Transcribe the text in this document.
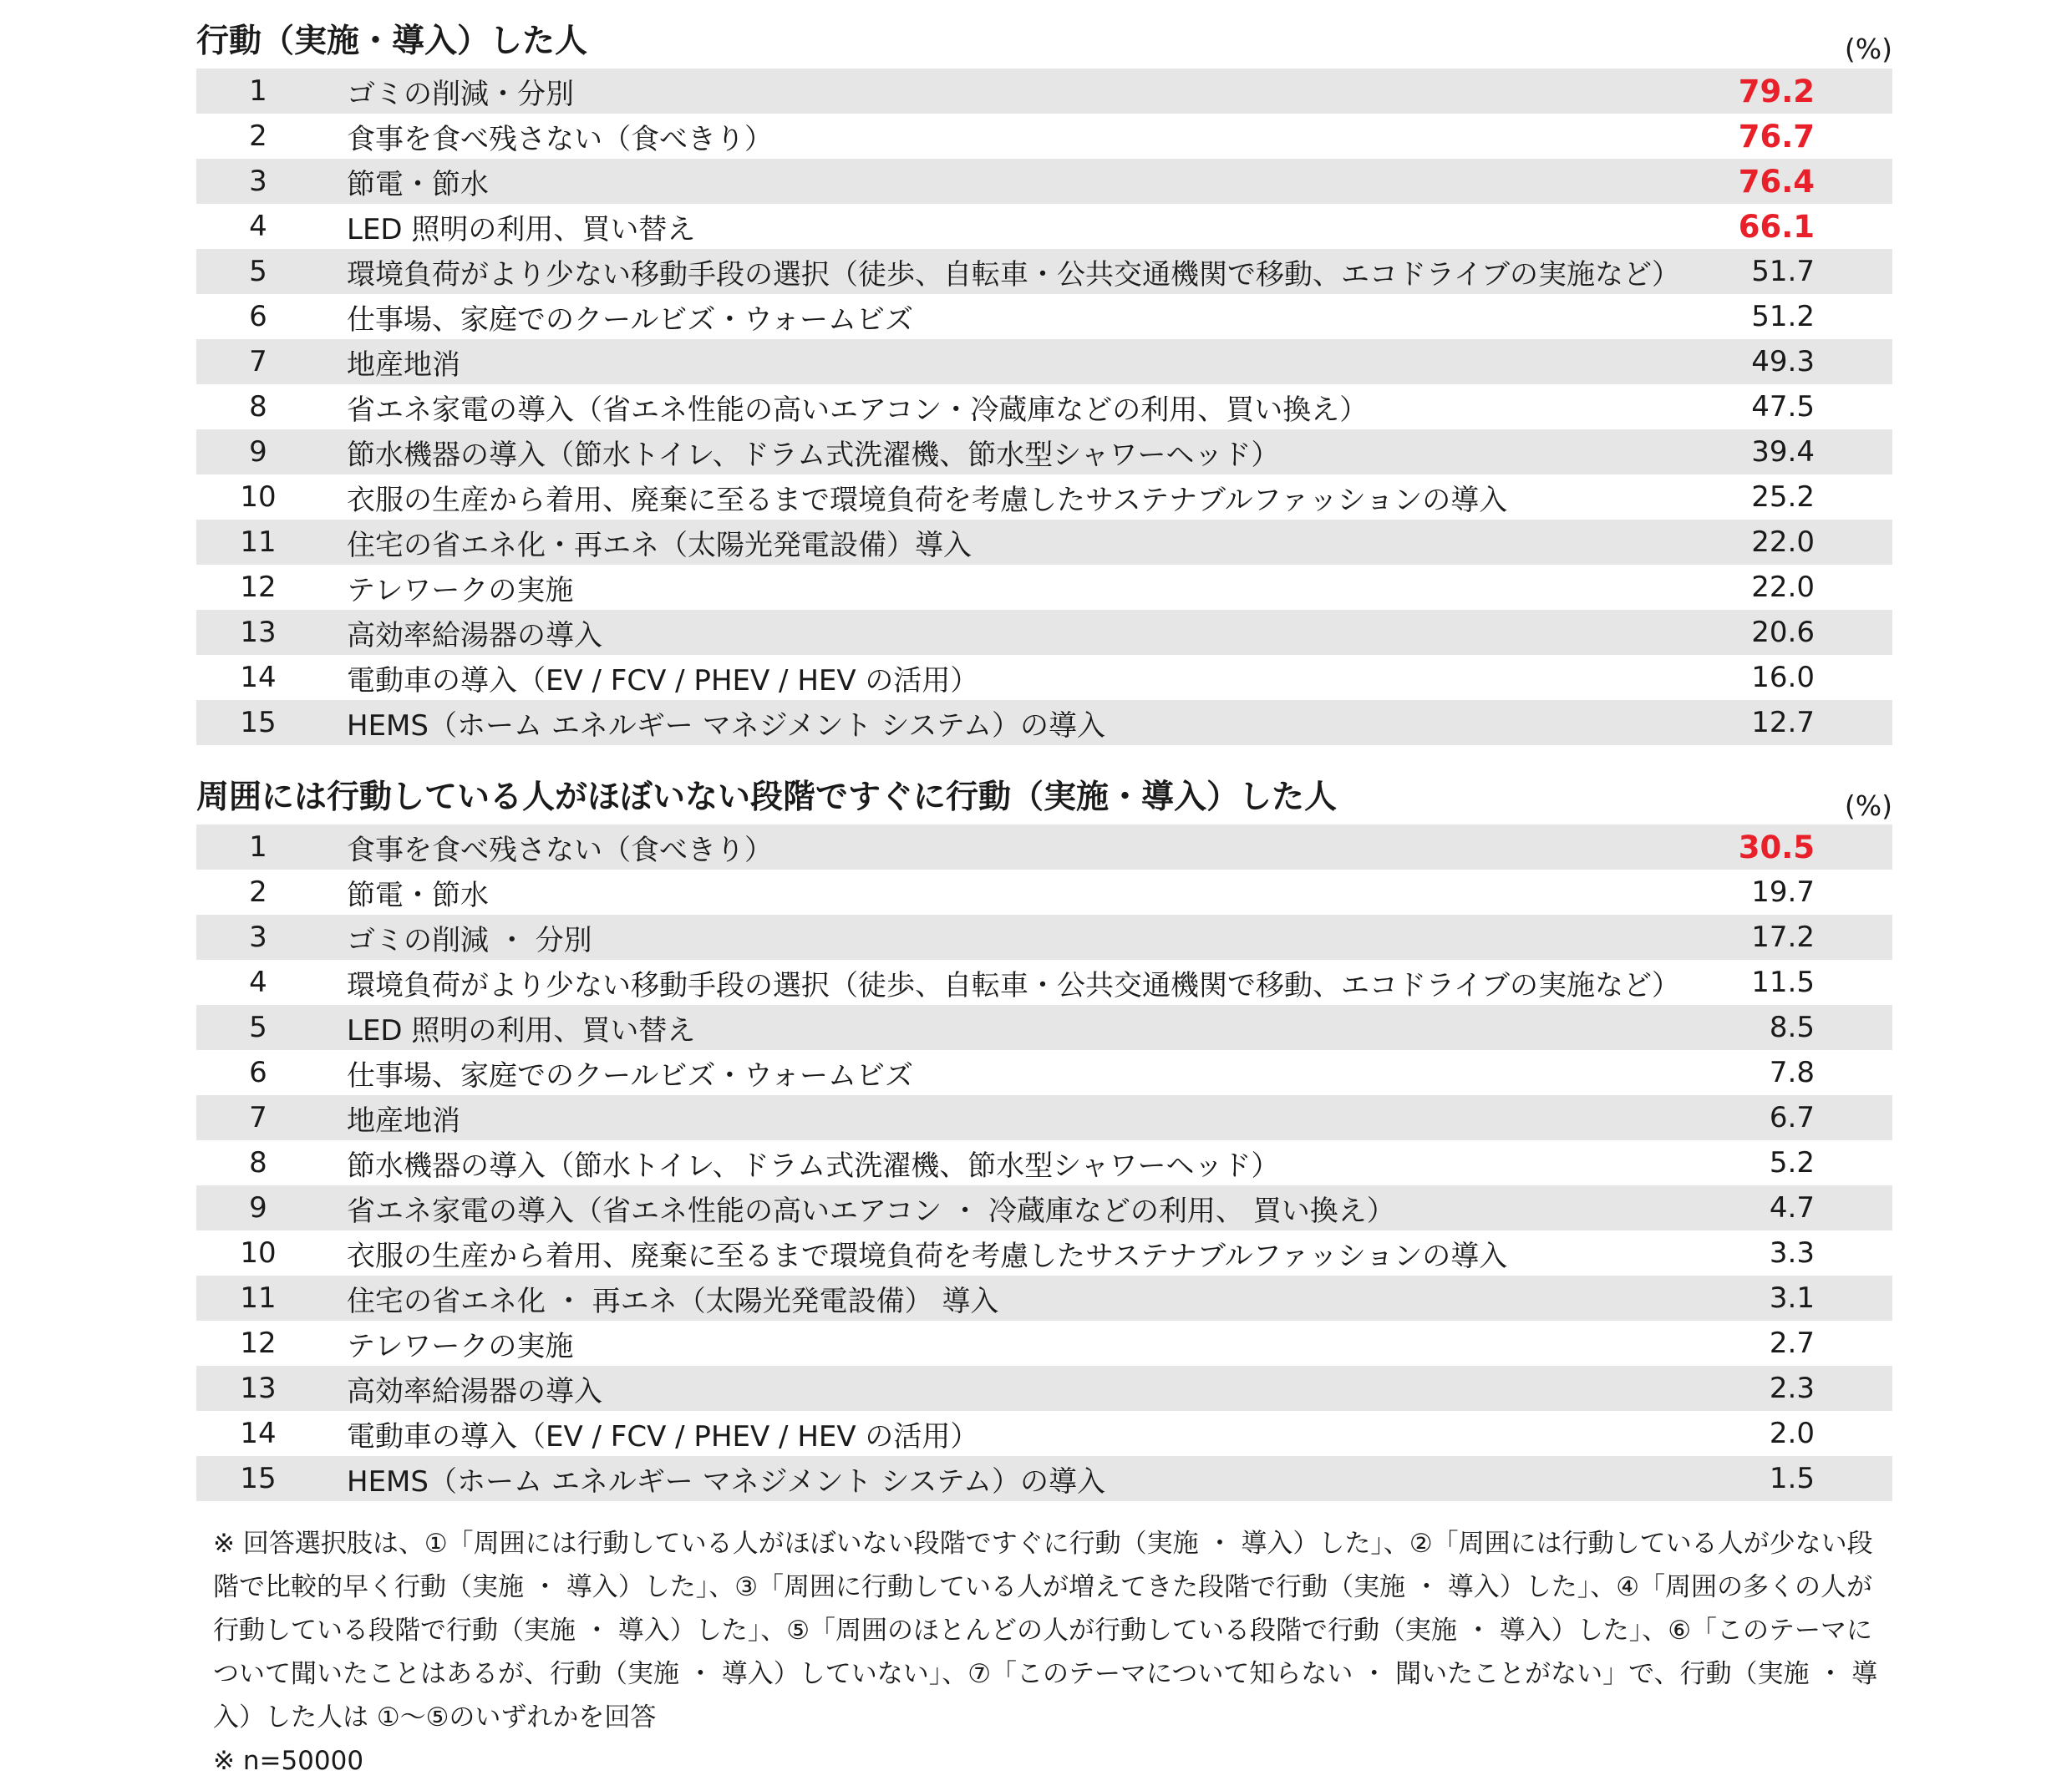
行動（実施・導入）した人	(%)
1	ゴミの削減・分別	79.2
2	食事を食べ残さない（食べきり）	76.7
3	節電・節水	76.4
4	LED 照明の利用、買い替え	66.1
5	環境負荷がより少ない移動手段の選択（徒歩、自転車・公共交通機関で移動、エコドライブの実施など）	51.7
6	仕事場、家庭でのクールビズ・ウォームビズ	51.2
7	地産地消	49.3
8	省エネ家電の導入（省エネ性能の高いエアコン・冷蔵庫などの利用、買い換え）	47.5
9	節水機器の導入（節水トイレ、ドラム式洗濯機、節水型シャワーヘッド）	39.4
10	衣服の生産から着用、廃棄に至るまで環境負荷を考慮したサステナブルファッションの導入	25.2
11	住宅の省エネ化・再エネ（太陽光発電設備）導入	22.0
12	テレワークの実施	22.0
13	高効率給湯器の導入	20.6
14	電動車の導入（EV / FCV / PHEV / HEV の活用）	16.0
15	HEMS（ホーム エネルギー マネジメント システム）の導入	12.7
周囲には行動している人がほぼいない段階ですぐに行動（実施・導入）した人	(%)
1	食事を食べ残さない（食べきり）	30.5
2	節電・節水	19.7
3	ゴミの削減 ・ 分別	17.2
4	環境負荷がより少ない移動手段の選択（徒歩、自転車・公共交通機関で移動、エコドライブの実施など）	11.5
5	LED 照明の利用、買い替え	8.5
6	仕事場、家庭でのクールビズ・ウォームビズ	7.8
7	地産地消	6.7
8	節水機器の導入（節水トイレ、ドラム式洗濯機、節水型シャワーヘッド）	5.2
9	省エネ家電の導入（省エネ性能の高いエアコン ・ 冷蔵庫などの利用、 買い換え）	4.7
10	衣服の生産から着用、廃棄に至るまで環境負荷を考慮したサステナブルファッションの導入	3.3
11	住宅の省エネ化 ・ 再エネ（太陽光発電設備） 導入	3.1
12	テレワークの実施	2.7
13	高効率給湯器の導入	2.3
14	電動車の導入（EV / FCV / PHEV / HEV の活用）	2.0
15	HEMS（ホーム エネルギー マネジメント システム）の導入	1.5

※ 回答選択肢は、①「周囲には行動している人がほぼいない段階ですぐに行動（実施 ・ 導入）した」、②「周囲には行動している人が少ない段階で比較的早く行動（実施 ・ 導入）した」、③「周囲に行動している人が増えてきた段階で行動（実施 ・ 導入）した」、④「周囲の多くの人が行動している段階で行動（実施 ・ 導入）した」、⑤「周囲のほとんどの人が行動している段階で行動（実施 ・ 導入）した」、⑥「このテーマについて聞いたことはあるが、行動（実施 ・ 導入）していない」、⑦「このテーマについて知らない ・ 聞いたことがない」で、行動（実施 ・ 導入）した人は ①～⑤のいずれかを回答

※ n=50000
